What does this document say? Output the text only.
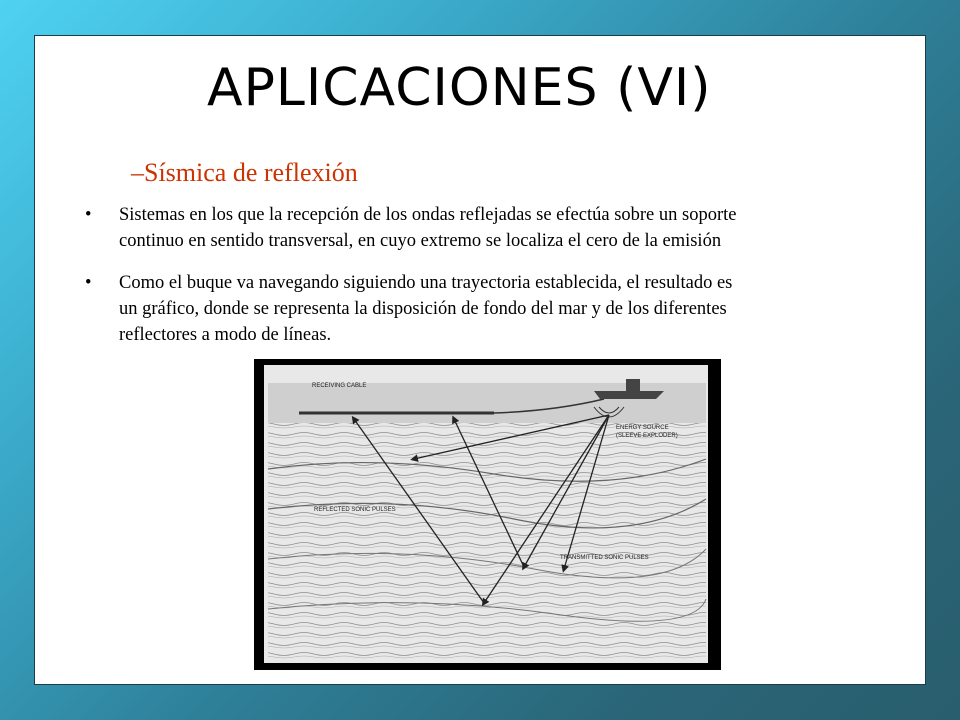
APLICACIONES (VI)
–Sísmica de reflexión
• Sistemas en los que la recepción de los ondas reflejadas se efectúa sobre un soporte
continuo en sentido transversal, en cuyo extremo se localiza el cero de la emisión
• Como el buque va navegando siguiendo una trayectoria establecida, el resultado es
un gráfico, donde se representa la disposición de fondo del mar y de los diferentes
reflectores a modo de líneas.
RECEIVING CABLE
ENERGY SOURCE
(SLEEVE EXPLODER)
REFLECTED SONIC PULSES
TRANSMITTED SONIC PULSES
